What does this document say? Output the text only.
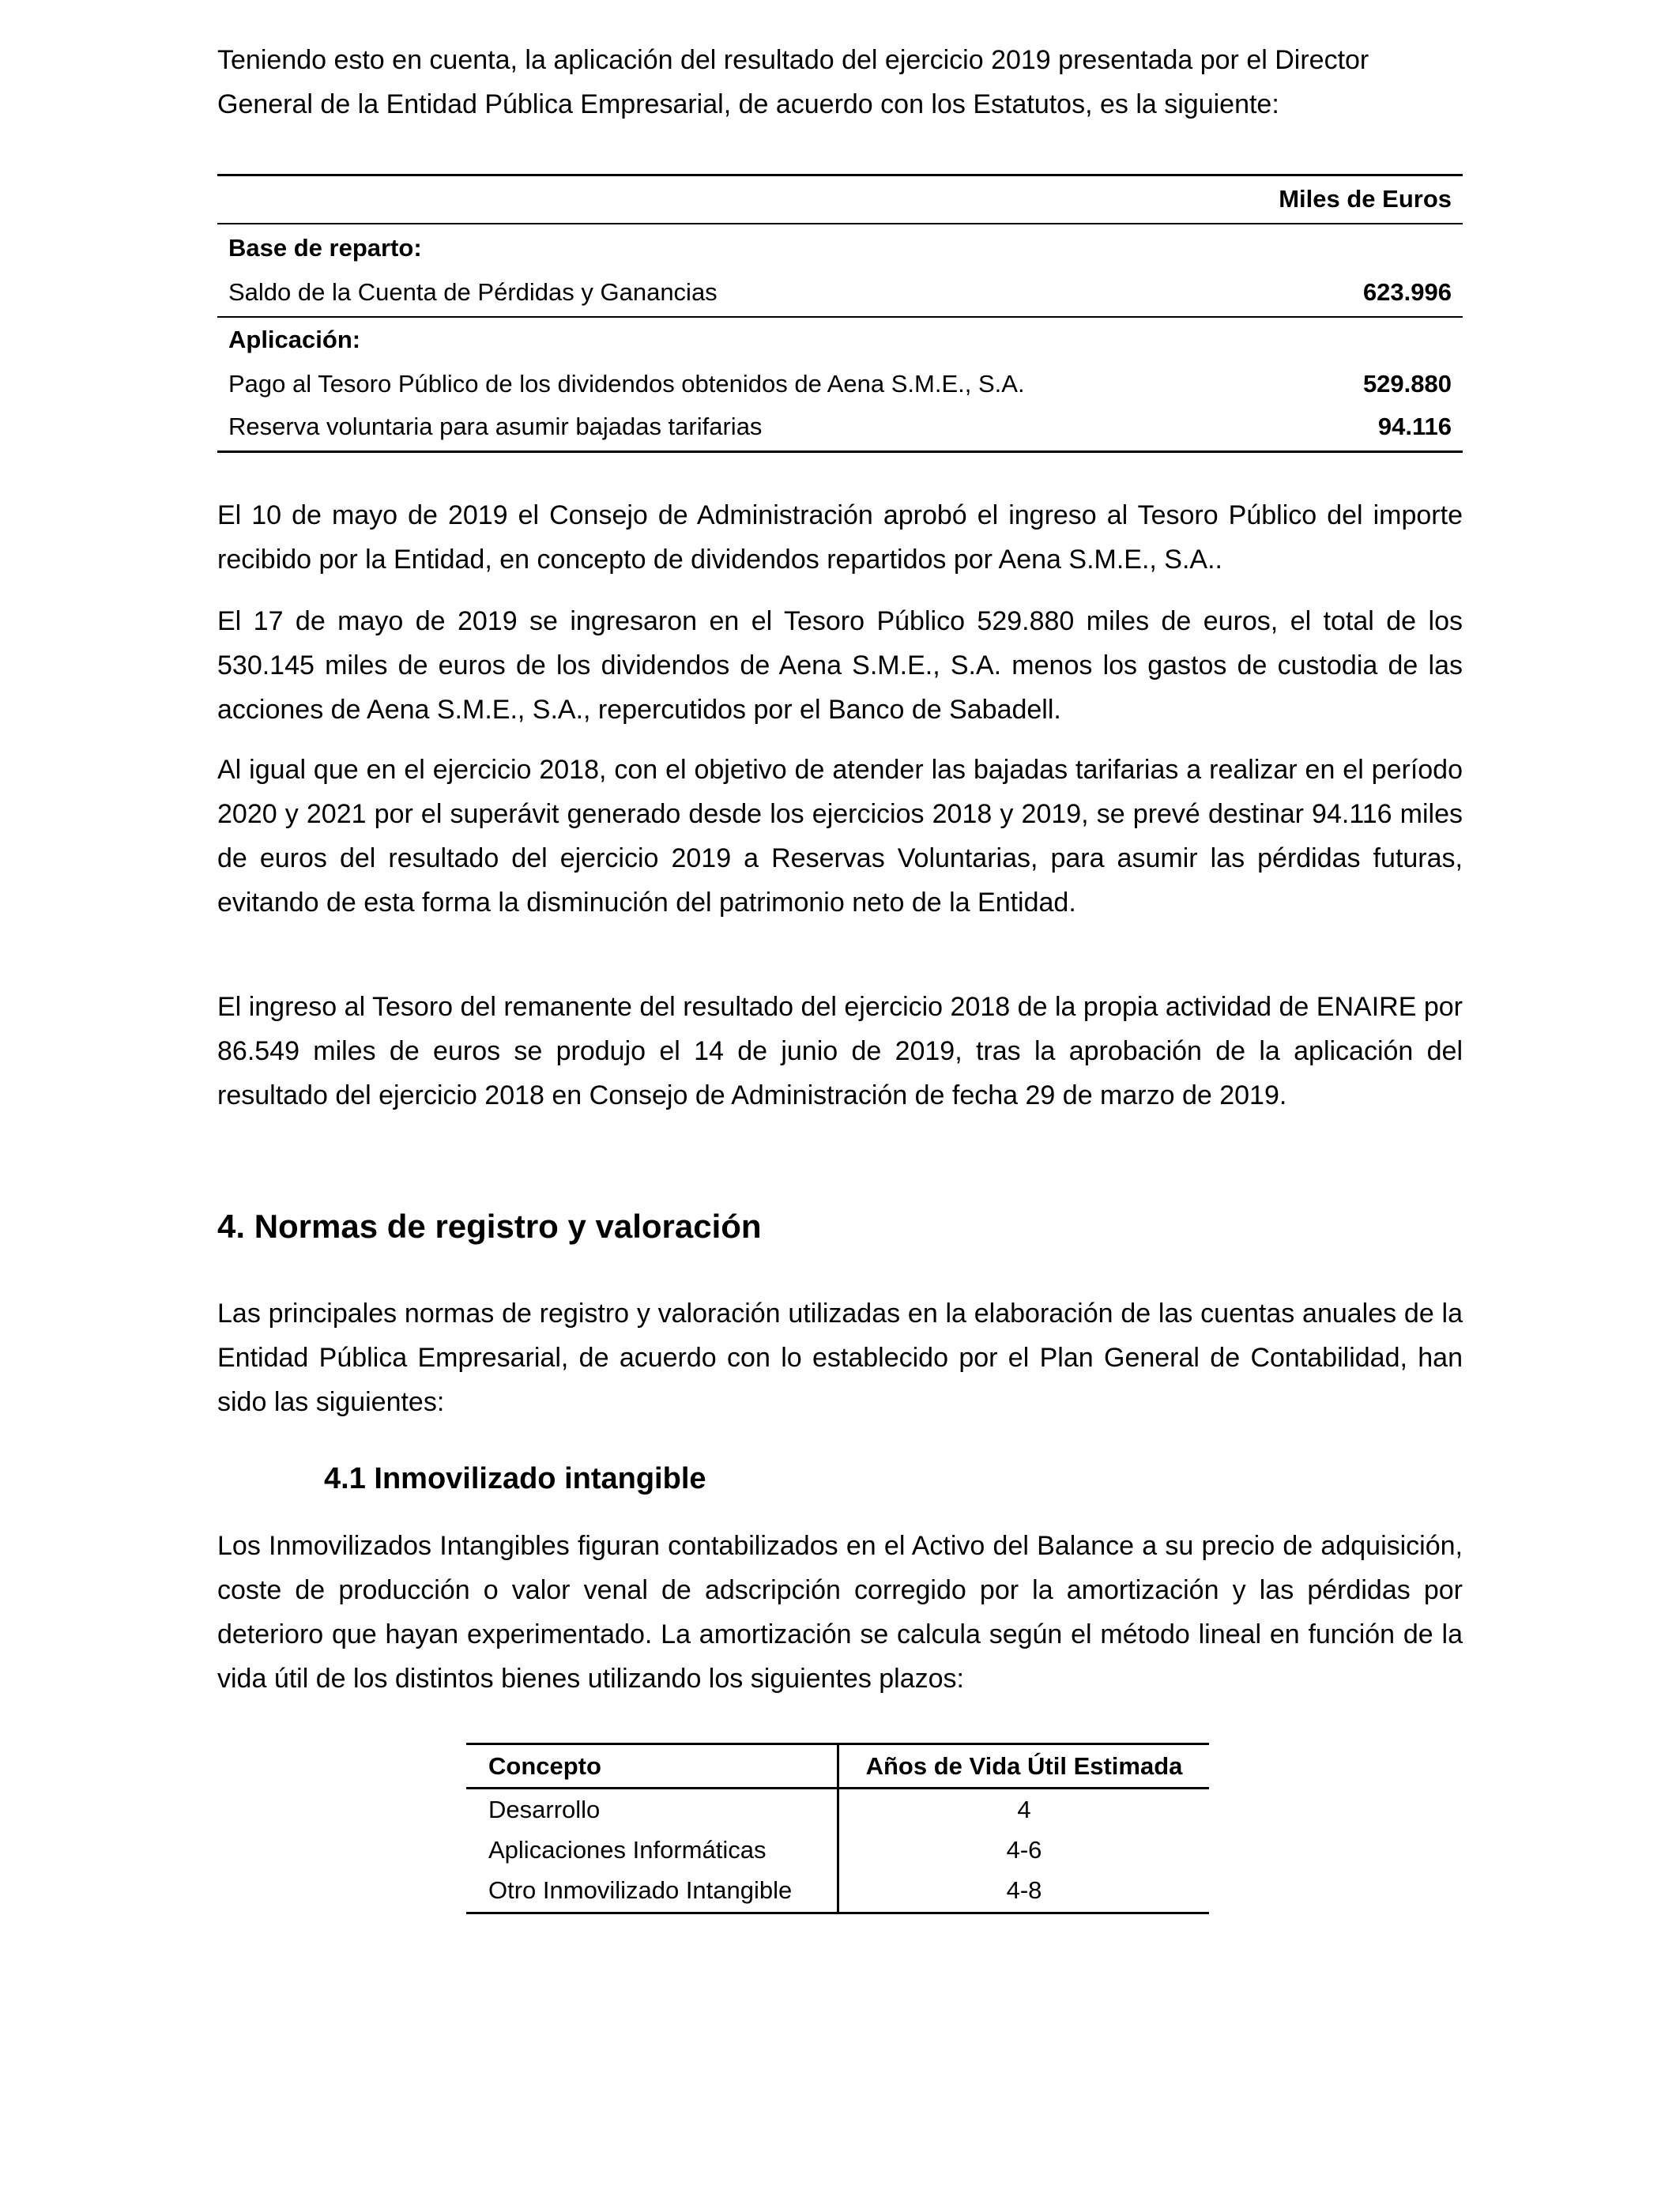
Teniendo esto en cuenta, la aplicación del resultado del ejercicio 2019 presentada por el Director General de la Entidad Pública Empresarial, de acuerdo con los Estatutos, es la siguiente:

Miles de Euros
Base de reparto:
Saldo de la Cuenta de Pérdidas y Ganancias	623.996
Aplicación:
Pago al Tesoro Público de los dividendos obtenidos de Aena S.M.E., S.A.	529.880
Reserva voluntaria para asumir bajadas tarifarias	94.116

El 10 de mayo de 2019 el Consejo de Administración aprobó el ingreso al Tesoro Público del importe recibido por la Entidad, en concepto de dividendos repartidos por Aena S.M.E., S.A..

El 17 de mayo de 2019 se ingresaron en el Tesoro Público 529.880 miles de euros, el total de los 530.145 miles de euros de los dividendos de Aena S.M.E., S.A. menos los gastos de custodia de las acciones de Aena S.M.E., S.A., repercutidos por el Banco de Sabadell.

Al igual que en el ejercicio 2018, con el objetivo de atender las bajadas tarifarias a realizar en el período 2020 y 2021 por el superávit generado desde los ejercicios 2018 y 2019, se prevé destinar 94.116 miles de euros del resultado del ejercicio 2019 a Reservas Voluntarias, para asumir las pérdidas futuras, evitando de esta forma la disminución del patrimonio neto de la Entidad.

El ingreso al Tesoro del remanente del resultado del ejercicio 2018 de la propia actividad de ENAIRE por 86.549 miles de euros se produjo el 14 de junio de 2019, tras la aprobación de la aplicación del resultado del ejercicio 2018 en Consejo de Administración de fecha 29 de marzo de 2019.

4. Normas de registro y valoración

Las principales normas de registro y valoración utilizadas en la elaboración de las cuentas anuales de la Entidad Pública Empresarial, de acuerdo con lo establecido por el Plan General de Contabilidad, han sido las siguientes:

4.1 Inmovilizado intangible

Los Inmovilizados Intangibles figuran contabilizados en el Activo del Balance a su precio de adquisición, coste de producción o valor venal de adscripción corregido por la amortización y las pérdidas por deterioro que hayan experimentado. La amortización se calcula según el método lineal en función de la vida útil de los distintos bienes utilizando los siguientes plazos:

Concepto	Años de Vida Útil Estimada
Desarrollo	4
Aplicaciones Informáticas	4-6
Otro Inmovilizado Intangible	4-8
